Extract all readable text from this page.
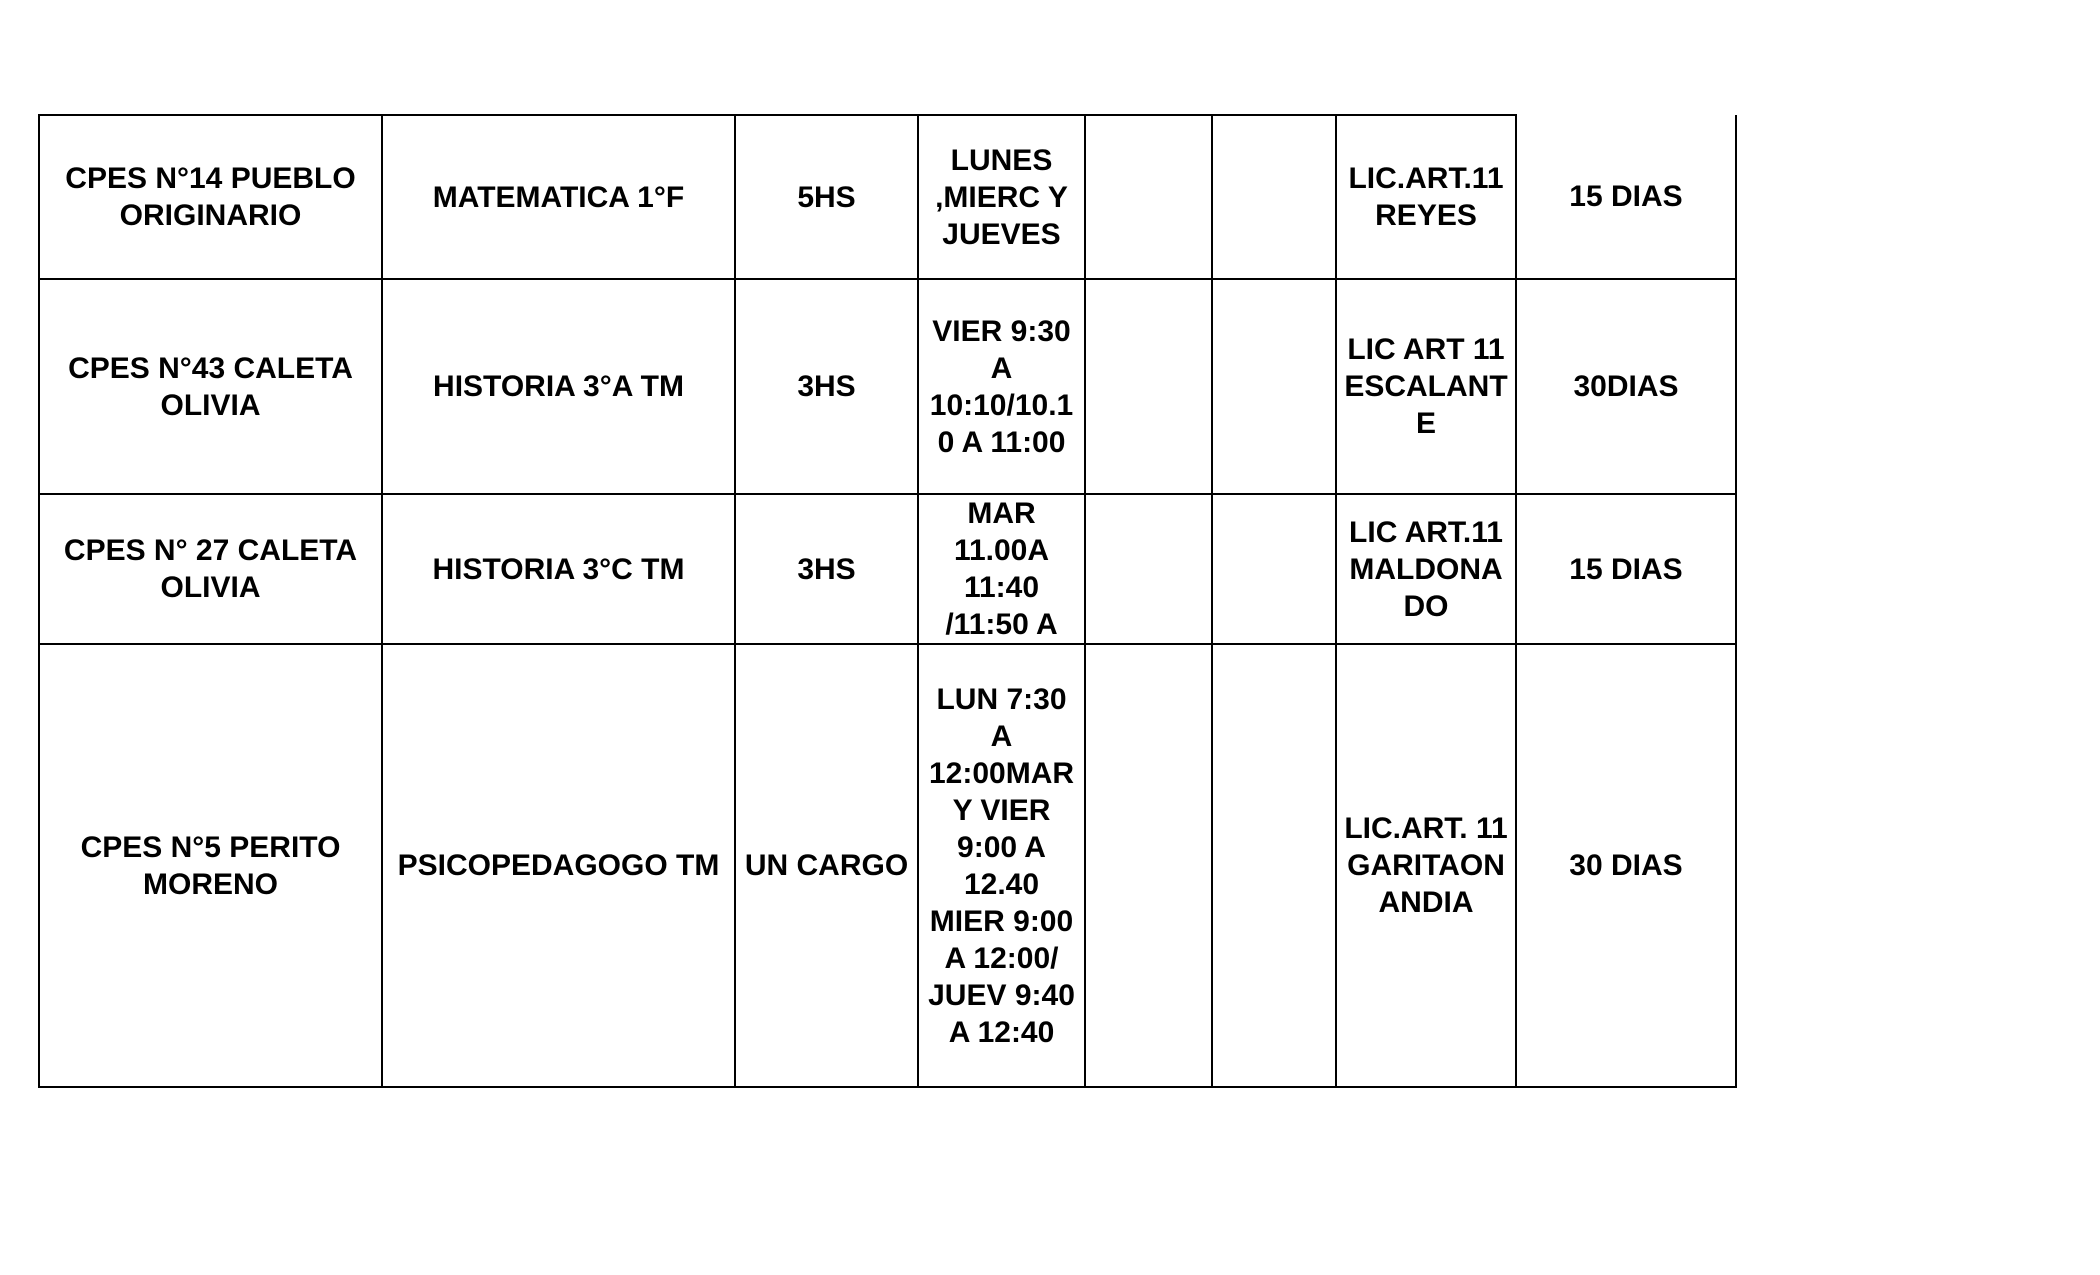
CPES N°14 PUEBLO ORIGINARIO	MATEMATICA 1°F	5HS	LUNES ,MIERC Y JUEVES			LIC.ART.11 REYES	15 DIAS
CPES N°43 CALETA OLIVIA	HISTORIA 3°A TM	3HS	VIER 9:30 A 10:10/10.10 A 11:00			LIC ART 11 ESCALANTE	30DIAS
CPES N° 27 CALETA OLIVIA	HISTORIA 3°C TM	3HS	MAR 11.00A 11:40 /11:50 A			LIC ART.11 MALDONADO	15 DIAS
CPES N°5 PERITO MORENO	PSICOPEDAGOGO TM	UN CARGO	LUN 7:30 A 12:00MAR Y VIER 9:00 A 12.40 MIER 9:00 A 12:00/ JUEV 9:40 A 12:40			LIC.ART. 11 GARITAONANDIA	30 DIAS
